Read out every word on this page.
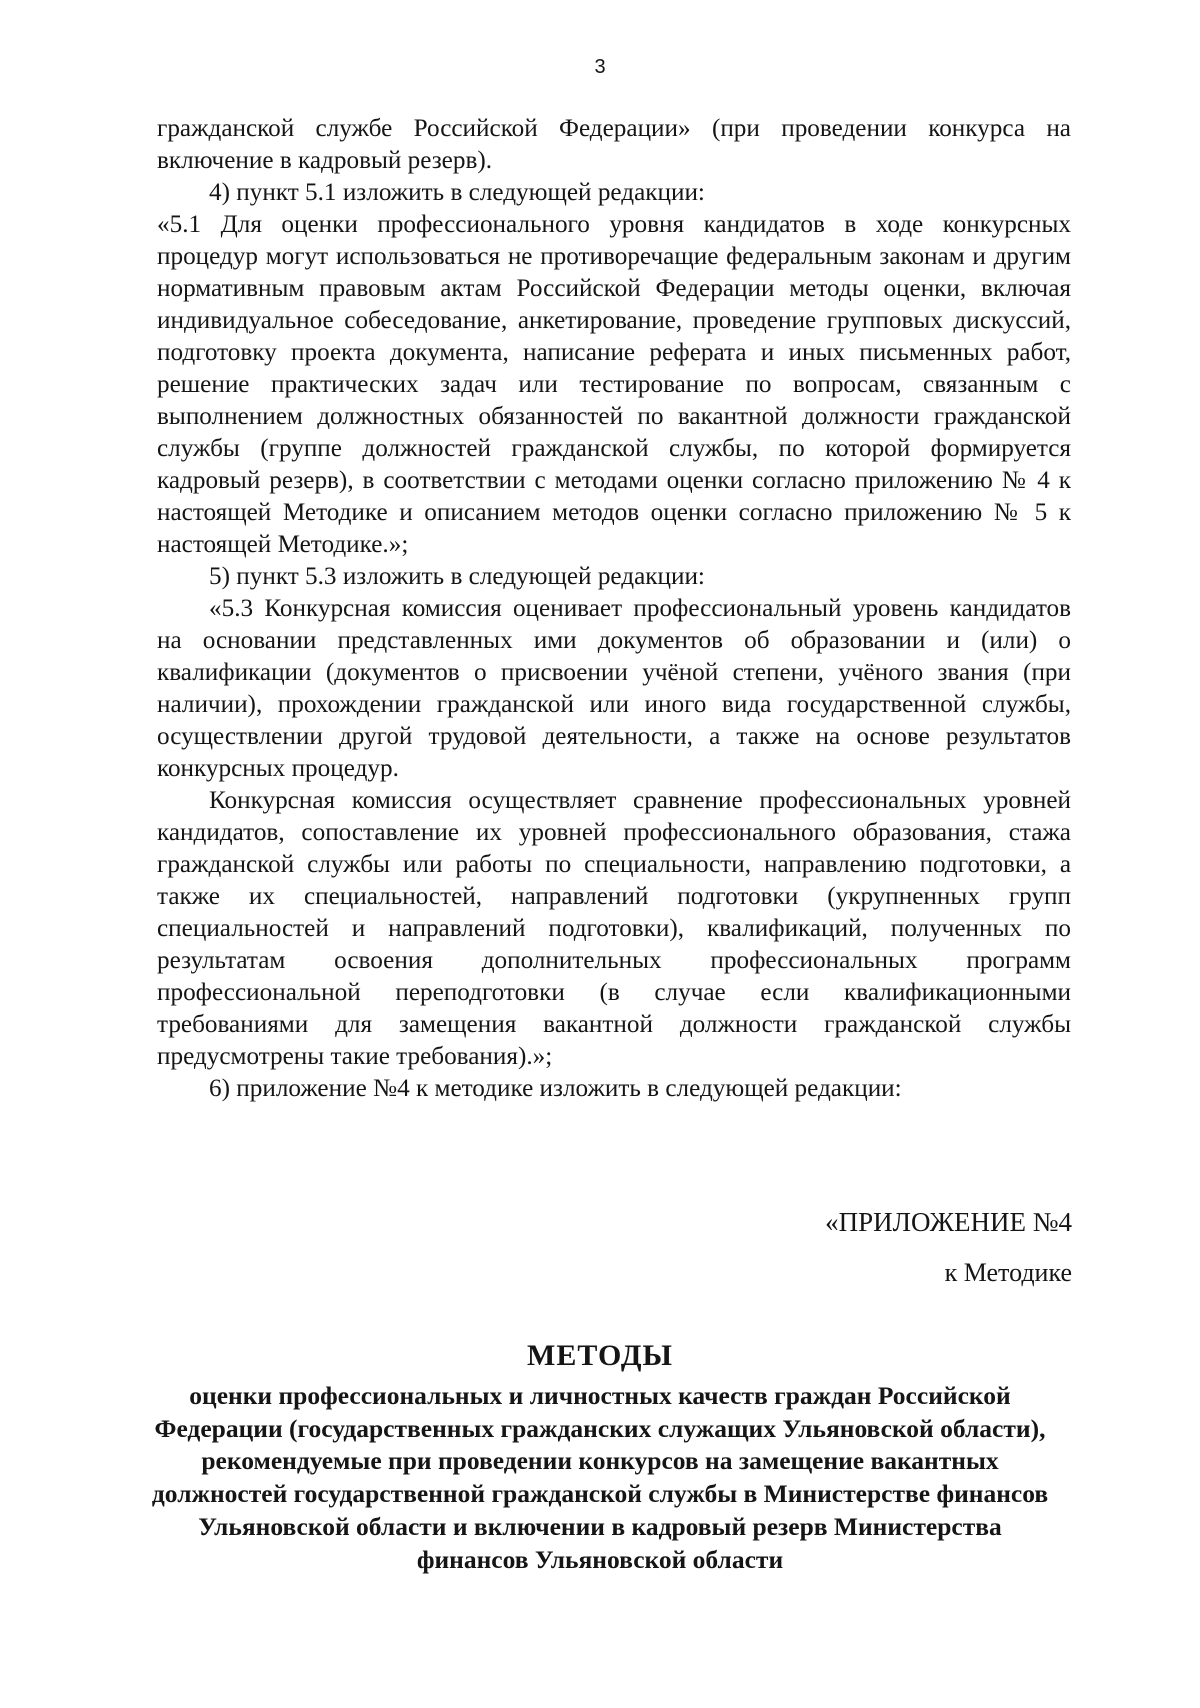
3

гражданской службе Российской Федерации» (при проведении конкурса на включение в кадровый резерв).

4) пункт 5.1 изложить в следующей редакции:

«5.1 Для оценки профессионального уровня кандидатов в ходе конкурсных процедур могут использоваться не противоречащие федеральным законам и другим нормативным правовым актам Российской Федерации методы оценки, включая индивидуальное собеседование, анкетирование, проведение групповых дискуссий, подготовку проекта документа, написание реферата и иных письменных работ, решение практических задач или тестирование по вопросам, связанным с выполнением должностных обязанностей по вакантной должности гражданской службы (группе должностей гражданской службы, по которой формируется кадровый резерв), в соответствии с методами оценки согласно приложению № 4 к настоящей Методике и описанием методов оценки согласно приложению № 5 к настоящей Методике.»;

5) пункт 5.3 изложить в следующей редакции:

«5.3 Конкурсная комиссия оценивает профессиональный уровень кандидатов на основании представленных ими документов об образовании и (или) о квалификации (документов о присвоении учёной степени, учёного звания (при наличии), прохождении гражданской или иного вида государственной службы, осуществлении другой трудовой деятельности, а также на основе результатов конкурсных процедур.

Конкурсная комиссия осуществляет сравнение профессиональных уровней кандидатов, сопоставление их уровней профессионального образования, стажа гражданской службы или работы по специальности, направлению подготовки, а также их специальностей, направлений подготовки (укрупненных групп специальностей и направлений подготовки), квалификаций, полученных по результатам освоения дополнительных профессиональных программ профессиональной переподготовки (в случае если квалификационными требованиями для замещения вакантной должности гражданской службы предусмотрены такие требования).»;

6) приложение №4 к методике изложить в следующей редакции:

«ПРИЛОЖЕНИЕ №4
к Методике
МЕТОДЫ
оценки профессиональных и личностных качеств граждан Российской Федерации (государственных гражданских служащих Ульяновской области), рекомендуемые при проведении конкурсов на замещение вакантных должностей государственной гражданской службы в Министерстве финансов Ульяновской области и включении в кадровый резерв Министерства финансов Ульяновской области
